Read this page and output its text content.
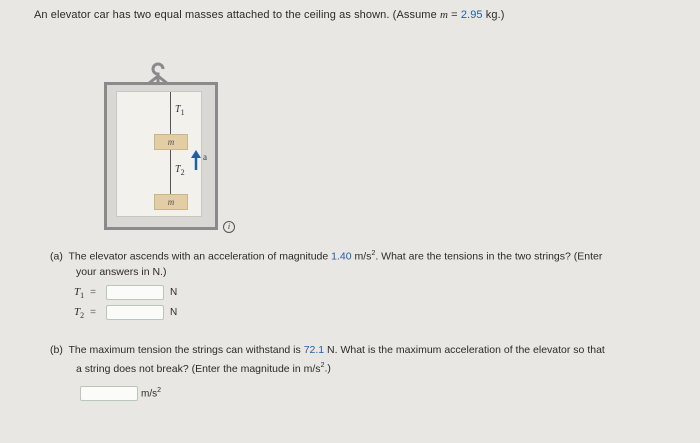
An elevator car has two equal masses attached to the ceiling as shown. (Assume m = 2.95 kg.)
$T_1$
m
$T_2$
m
a
i
(a) The elevator ascends with an acceleration of magnitude 1.40 $m/s^2$. What are the tensions in the two strings? (Enter
your answers in N.)
$T_1$ =	N
$T_2$ =	N
(b) The maximum tension the strings can withstand is 72.1 N. What is the maximum acceleration of the elevator so that
a string does not break? (Enter the magnitude in $m/s^2$.)
$m/s^2$
